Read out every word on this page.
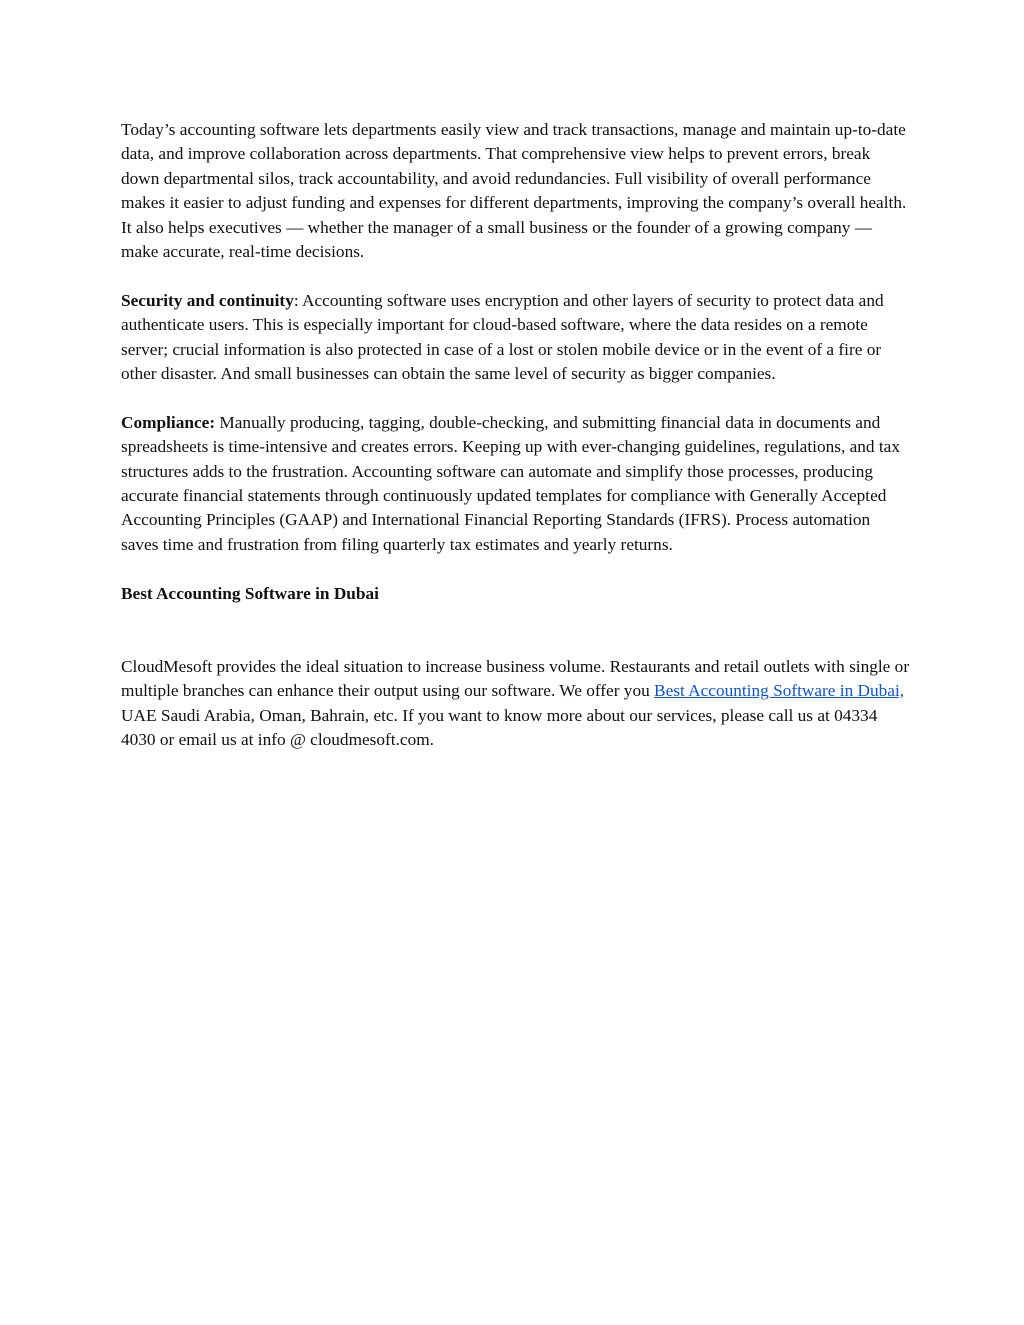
Today’s accounting software lets departments easily view and track transactions, manage and maintain up-to-date data, and improve collaboration across departments. That comprehensive view helps to prevent errors, break down departmental silos, track accountability, and avoid redundancies. Full visibility of overall performance makes it easier to adjust funding and expenses for different departments, improving the company’s overall health. It also helps executives — whether the manager of a small business or the founder of a growing company — make accurate, real-time decisions.

Security and continuity: Accounting software uses encryption and other layers of security to protect data and authenticate users. This is especially important for cloud-based software, where the data resides on a remote server; crucial information is also protected in case of a lost or stolen mobile device or in the event of a fire or other disaster. And small businesses can obtain the same level of security as bigger companies.

Compliance: Manually producing, tagging, double-checking, and submitting financial data in documents and spreadsheets is time-intensive and creates errors. Keeping up with ever-changing guidelines, regulations, and tax structures adds to the frustration. Accounting software can automate and simplify those processes, producing accurate financial statements through continuously updated templates for compliance with Generally Accepted Accounting Principles (GAAP) and International Financial Reporting Standards (IFRS). Process automation saves time and frustration from filing quarterly tax estimates and yearly returns.

Best Accounting Software in Dubai

CloudMesoft provides the ideal situation to increase business volume. Restaurants and retail outlets with single or multiple branches can enhance their output using our software. We offer you Best Accounting Software in Dubai, UAE Saudi Arabia, Oman, Bahrain, etc. If you want to know more about our services, please call us at 04334 4030 or email us at info @ cloudmesoft.com.
